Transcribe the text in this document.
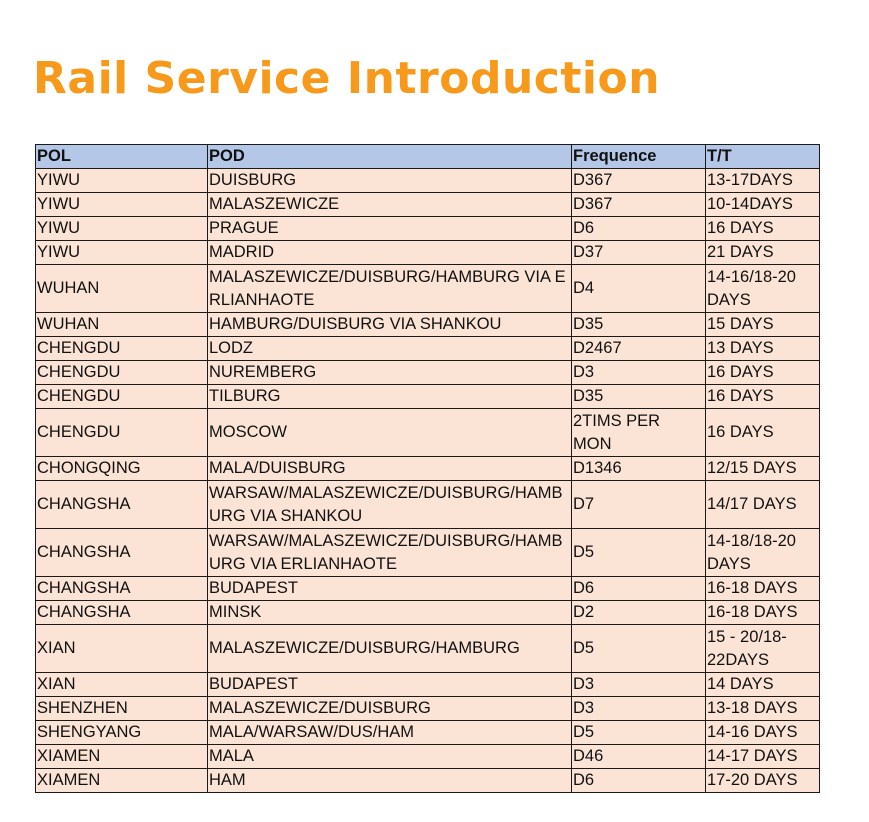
Rail Service Introduction
POL	POD	Frequence	T/T
YIWU	DUISBURG	D367	13-17DAYS
YIWU	MALASZEWICZE	D367	10-14DAYS
YIWU	PRAGUE	D6	16 DAYS
YIWU	MADRID	D37	21 DAYS
WUHAN	MALASZEWICZE/DUISBURG/HAMBURG VIA ERLIANHAOTE	D4	14-16/18-20 DAYS
WUHAN	HAMBURG/DUISBURG VIA SHANKOU	D35	15 DAYS
CHENGDU	LODZ	D2467	13 DAYS
CHENGDU	NUREMBERG	D3	16 DAYS
CHENGDU	TILBURG	D35	16 DAYS
CHENGDU	MOSCOW	2TIMS PER MON	16 DAYS
CHONGQING	MALA/DUISBURG	D1346	12/15 DAYS
CHANGSHA	WARSAW/MALASZEWICZE/DUISBURG/HAMBURG VIA SHANKOU	D7	14/17 DAYS
CHANGSHA	WARSAW/MALASZEWICZE/DUISBURG/HAMBURG VIA ERLIANHAOTE	D5	14-18/18-20 DAYS
CHANGSHA	BUDAPEST	D6	16-18 DAYS
CHANGSHA	MINSK	D2	16-18 DAYS
XIAN	MALASZEWICZE/DUISBURG/HAMBURG	D5	15 - 20/18-22DAYS
XIAN	BUDAPEST	D3	14 DAYS
SHENZHEN	MALASZEWICZE/DUISBURG	D3	13-18 DAYS
SHENGYANG	MALA/WARSAW/DUS/HAM	D5	14-16 DAYS
XIAMEN	MALA	D46	14-17 DAYS
XIAMEN	HAM	D6	17-20 DAYS
